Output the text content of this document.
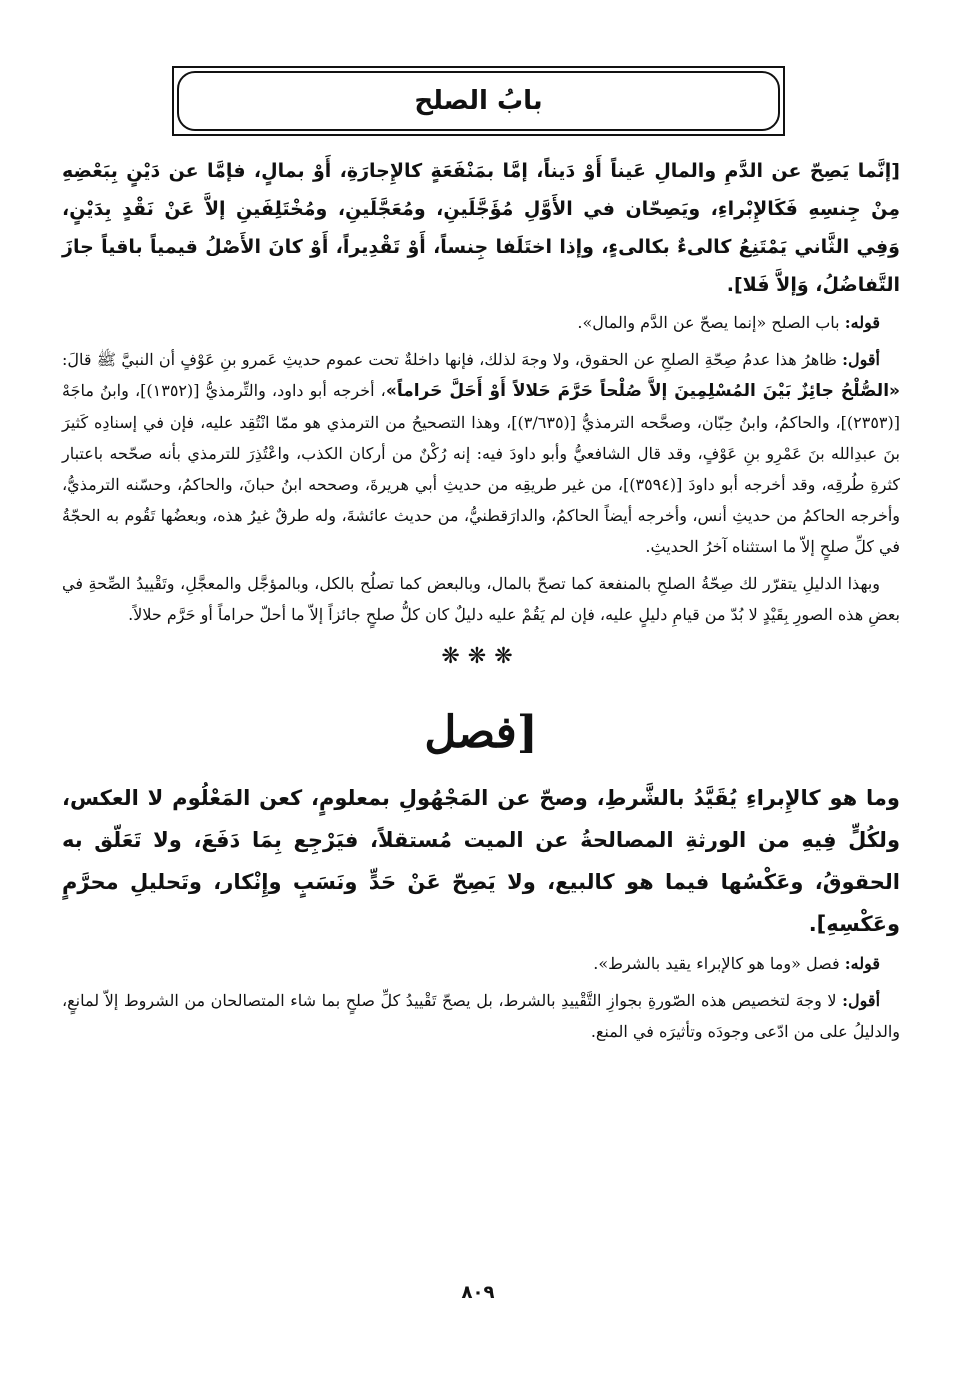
بابُ الصلح
[إنَّما يَصِحّ عن الدَّمِ والمالِ عَيناً أَوْ دَيناً، إمَّا بمَنْفَعَةٍ كالإِجارَةِ، أَوْ بمالٍ، فإمَّا عن دَيْنٍ بِبَعْضِهِ مِنْ جِنسِهِ فَكَالإِبْراءِ، ويَصِحّان في الأَوَّلِ مُؤَجَّلَينِ، ومُعَجَّلَينِ، ومُخْتَلِفَينِ إلاَّ عَنْ نَقْدٍ بِدَيْنٍ، وَفِي الثَّاني يَمْتَنِعُ كالىءٌ بكالىءٍ، وإذا اختَلَفا جِنساً، أَوْ تَقْدِيراً، أَوْ كانَ الأَصْلُ قيمياً باقياً جازَ التَّفاضُلُ، وَإلاَّ فَلا].
قوله: باب الصلح «إنما يصحّ عن الدَّم والمال».
أقول: ظاهرُ هذا عدمُ صِحّةِ الصلحِ عن الحقوق، ولا وجهَ لذلك، فإنها داخلةٌ تحت عموم حديثِ عَمرو بنِ عَوْفٍ أن النبيَّ ﷺ قالَ: «الصُّلْحُ جائِزٌ بَيْنَ المُسْلِمِينَ إلاَّ صُلْحاً حَرَّمَ حَلالاً أَوْ أَحَلَّ حَراماً»، أخرجه أبو داود، والتِّرمذيُّ [(١٣٥٢)]، وابنُ ماجَهْ [(٢٣٥٣)]، والحاكمُ، وابنُ حِبّان، وصحَّحه الترمذيُّ [(٣/٦٣٥)]، وهذا التصحيحُ من الترمذي هو ممّا انْتُقِد عليه، فإن في إسنادِه كَثيرَ بنَ عبدِالله بنَ عَمْرِو بنِ عَوْفٍ، وقد قال الشافعيُّ وأبو داودَ فيه: إنه رُكْنٌ من أركان الكذب، واعْتُذِرَ للترمذي بأنه صحّحه باعتبار كثرةِ طُرقِه، وقد أخرجه أبو داودَ [(٣٥٩٤)]، من غير طريقِه من حديثِ أبي هريرةَ، وصححه ابنُ حبانَ، والحاكمُ، وحسّنه الترمذيُّ، وأخرجه الحاكمُ من حديثِ أنس، وأخرجه أيضاً الحاكمُ، والدارَقطنيُّ، من حديث عائشةَ، وله طرقٌ غيرُ هذه، وبعضُها تَقُوم به الحجّةُ في كلِّ صلحٍ إلاّ ما استثناه آخرُ الحديثِ.
وبهذا الدليلِ يتقرّر لك صِحّةُ الصلحِ بالمنفعة كما تصحّ بالمال، وبالبعض كما تصلُح بالكل، وبالمؤجَّل والمعجَّلِ، وتَقْييدُ الصِّحةِ في بعضِ هذه الصورِ بِقَيْدٍ لا بُدّ من قيامِ دليلٍ عليه، فإن لم يَقُمْ عليه دليلٌ كان كلُّ صلحٍ جائزاً إلاّ ما أحلّ حراماً أو حَرَّم حلالاً.
❋❋❋
[فصل
وما هو كالإِبراءِ يُقَيَّدُ بالشَّرطِ، وصحّ عن المَجْهُولِ بمعلومٍ، كعن المَعْلُوم لا العكس، ولكُلٍّ فِيهِ من الورثةِ المصالحةُ عن الميت مُستقلاً، فيَرْجِع بِمَا دَفَعَ، ولا تَعَلّق به الحقوقُ، وعَكْسُها فيما هو كالبيع، ولا يَصِحّ عَنْ حَدٍّ ونَسَبٍ وإِنْكار، وتَحليلِ محرَّمٍ وعَكْسِهِ].
قوله: فصل «وما هو كالإبراء يقيد بالشرط».
أقول: لا وجهَ لتخصيص هذه الصّورةِ بجوازِ التَّقْييدِ بالشرط، بل يصحّ تَقْييدُ كلِّ صلحٍ بما شاء المتصالحان من الشروط إلاّ لمانعٍ، والدليلُ على من ادّعى وجودَه وتأثيرَه في المنع.
٨٠٩
